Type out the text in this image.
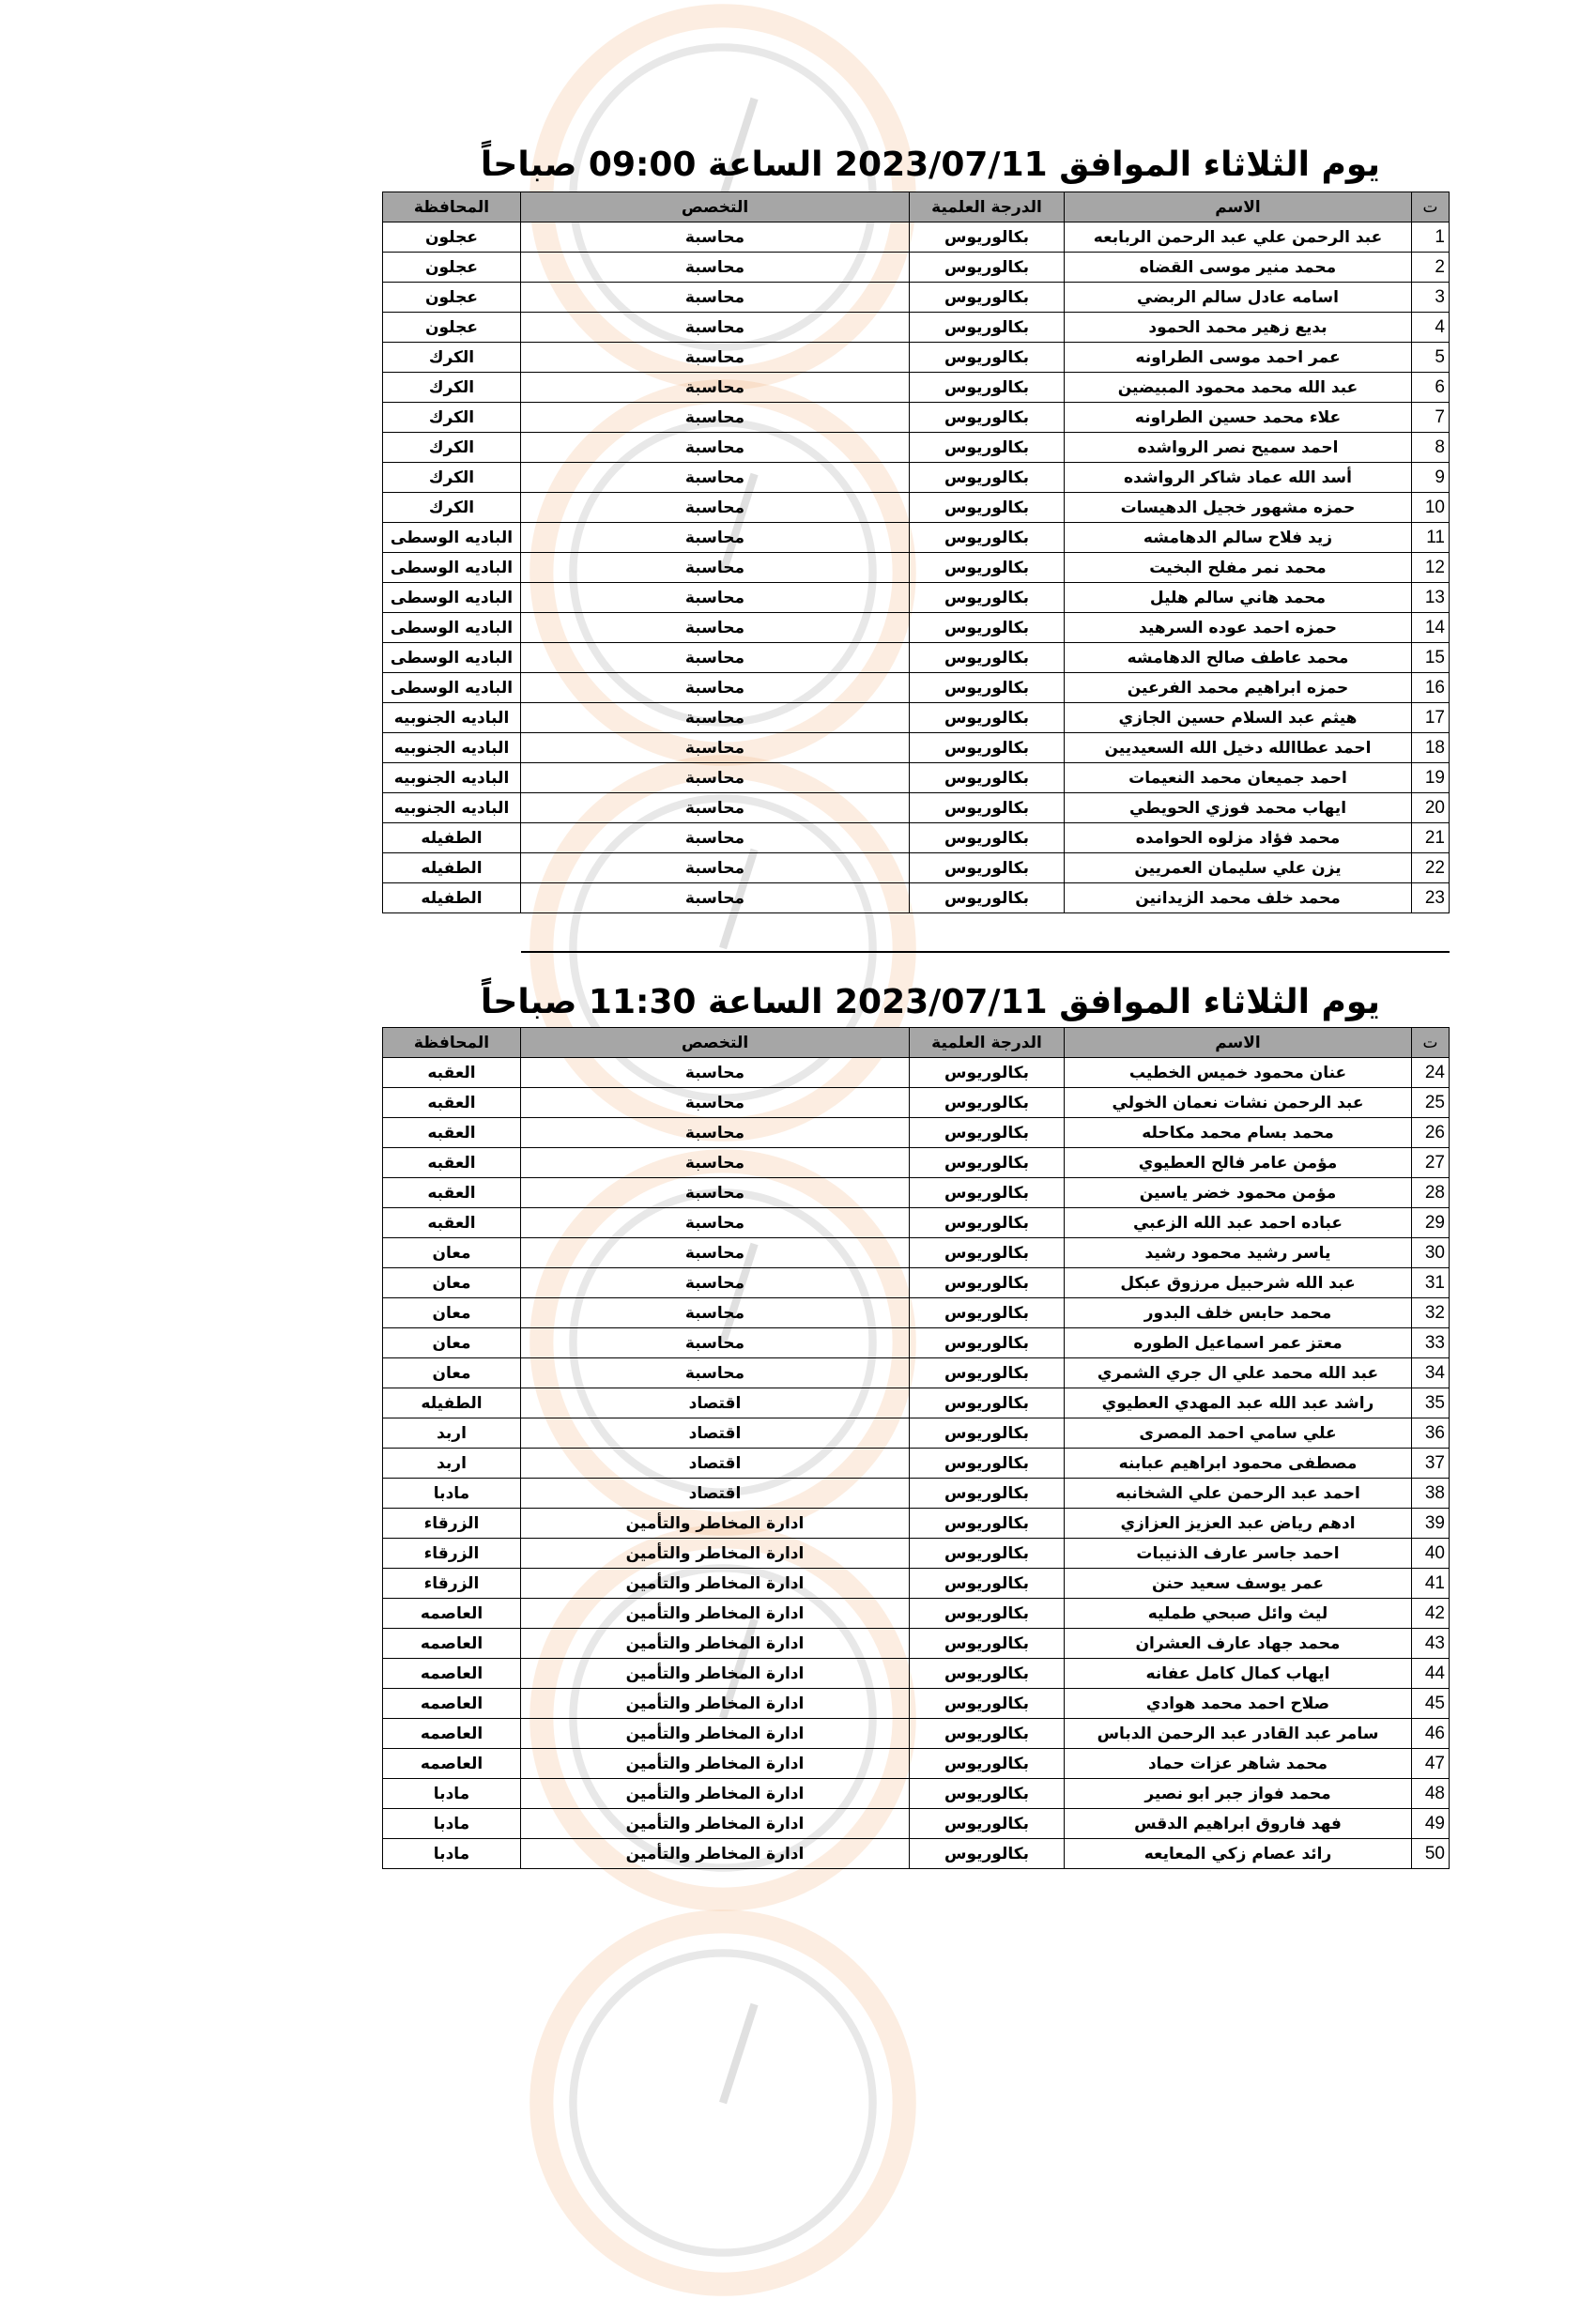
يوم الثلاثاء الموافق 2023/07/11 الساعة 09:00 صباحاً
ت	الاسم	الدرجة العلمية	التخصص	المحافظة
1	عبد الرحمن علي عبد الرحمن الربابعه	بكالوريوس	محاسبة	عجلون
2	محمد منير موسى القضاه	بكالوريوس	محاسبة	عجلون
3	اسامه عادل سالم الربضي	بكالوريوس	محاسبة	عجلون
4	بديع زهير محمد الحمود	بكالوريوس	محاسبة	عجلون
5	عمر احمد موسى الطراونه	بكالوريوس	محاسبة	الكرك
6	عبد الله محمد محمود المبيضين	بكالوريوس	محاسبة	الكرك
7	علاء محمد حسين الطراونه	بكالوريوس	محاسبة	الكرك
8	احمد سميح نصر الرواشده	بكالوريوس	محاسبة	الكرك
9	أسد الله عماد شاكر الرواشده	بكالوريوس	محاسبة	الكرك
10	حمزه مشهور خجيل الدهيسات	بكالوريوس	محاسبة	الكرك
11	زيد فلاح سالم الدهامشه	بكالوريوس	محاسبة	الباديه الوسطى
12	محمد نمر مفلح البخيت	بكالوريوس	محاسبة	الباديه الوسطى
13	محمد هاني سالم هليل	بكالوريوس	محاسبة	الباديه الوسطى
14	حمزه احمد عوده السرهيد	بكالوريوس	محاسبة	الباديه الوسطى
15	محمد عاطف صالح الدهامشه	بكالوريوس	محاسبة	الباديه الوسطى
16	حمزه ابراهيم محمد الفرعين	بكالوريوس	محاسبة	الباديه الوسطى
17	هيثم عبد السلام حسين الجازي	بكالوريوس	محاسبة	الباديه الجنوبيه
18	احمد عطاالله دخيل الله السعيديين	بكالوريوس	محاسبة	الباديه الجنوبيه
19	احمد جميعان محمد النعيمات	بكالوريوس	محاسبة	الباديه الجنوبيه
20	ايهاب محمد فوزي الحويطي	بكالوريوس	محاسبة	الباديه الجنوبيه
21	محمد فؤاد مزلوه الحوامده	بكالوريوس	محاسبة	الطفيله
22	يزن علي سليمان العمريين	بكالوريوس	محاسبة	الطفيله
23	محمد خلف محمد الزيدانين	بكالوريوس	محاسبة	الطفيله
يوم الثلاثاء الموافق 2023/07/11 الساعة 11:30 صباحاً
ت	الاسم	الدرجة العلمية	التخصص	المحافظة
24	عنان محمود خميس الخطيب	بكالوريوس	محاسبة	العقبه
25	عبد الرحمن نشات نعمان الخولي	بكالوريوس	محاسبة	العقبه
26	محمد بسام محمد مكاحله	بكالوريوس	محاسبة	العقبه
27	مؤمن عامر فالح العطيوي	بكالوريوس	محاسبة	العقبه
28	مؤمن محمود خضر ياسين	بكالوريوس	محاسبة	العقبه
29	عباده احمد عبد الله الزعبي	بكالوريوس	محاسبة	العقبه
30	ياسر رشيد محمود رشيد	بكالوريوس	محاسبة	معان
31	عبد الله شرحبيل مرزوق عبكل	بكالوريوس	محاسبة	معان
32	محمد حابس خلف البدور	بكالوريوس	محاسبة	معان
33	معتز عمر اسماعيل الطوره	بكالوريوس	محاسبة	معان
34	عبد الله محمد علي ال جري الشمري	بكالوريوس	محاسبة	معان
35	راشد عبد الله عبد المهدي العطيوي	بكالوريوس	اقتصاد	الطفيله
36	علي سامي احمد المصرى	بكالوريوس	اقتصاد	اربد
37	مصطفى محمود ابراهيم عبابنه	بكالوريوس	اقتصاد	اربد
38	احمد عبد الرحمن علي الشخانبه	بكالوريوس	اقتصاد	مادبا
39	ادهم رياض عبد العزيز العزازي	بكالوريوس	ادارة المخاطر والتأمين	الزرقاء
40	احمد جاسر عارف الذنيبات	بكالوريوس	ادارة المخاطر والتأمين	الزرقاء
41	عمر يوسف سعيد حنن	بكالوريوس	ادارة المخاطر والتأمين	الزرقاء
42	ليث وائل صبحي طمليه	بكالوريوس	ادارة المخاطر والتأمين	العاصمه
43	محمد جهاد عارف العشران	بكالوريوس	ادارة المخاطر والتأمين	العاصمه
44	ايهاب كمال كامل عفانه	بكالوريوس	ادارة المخاطر والتأمين	العاصمه
45	صلاح احمد محمد هوادي	بكالوريوس	ادارة المخاطر والتأمين	العاصمه
46	سامر عبد القادر عبد الرحمن الدباس	بكالوريوس	ادارة المخاطر والتأمين	العاصمه
47	محمد شاهر عزات حماد	بكالوريوس	ادارة المخاطر والتأمين	العاصمه
48	محمد فواز جبر ابو نصير	بكالوريوس	ادارة المخاطر والتأمين	مادبا
49	فهد فاروق ابراهيم الدقس	بكالوريوس	ادارة المخاطر والتأمين	مادبا
50	رائد عصام زكي المعايعه	بكالوريوس	ادارة المخاطر والتأمين	مادبا
